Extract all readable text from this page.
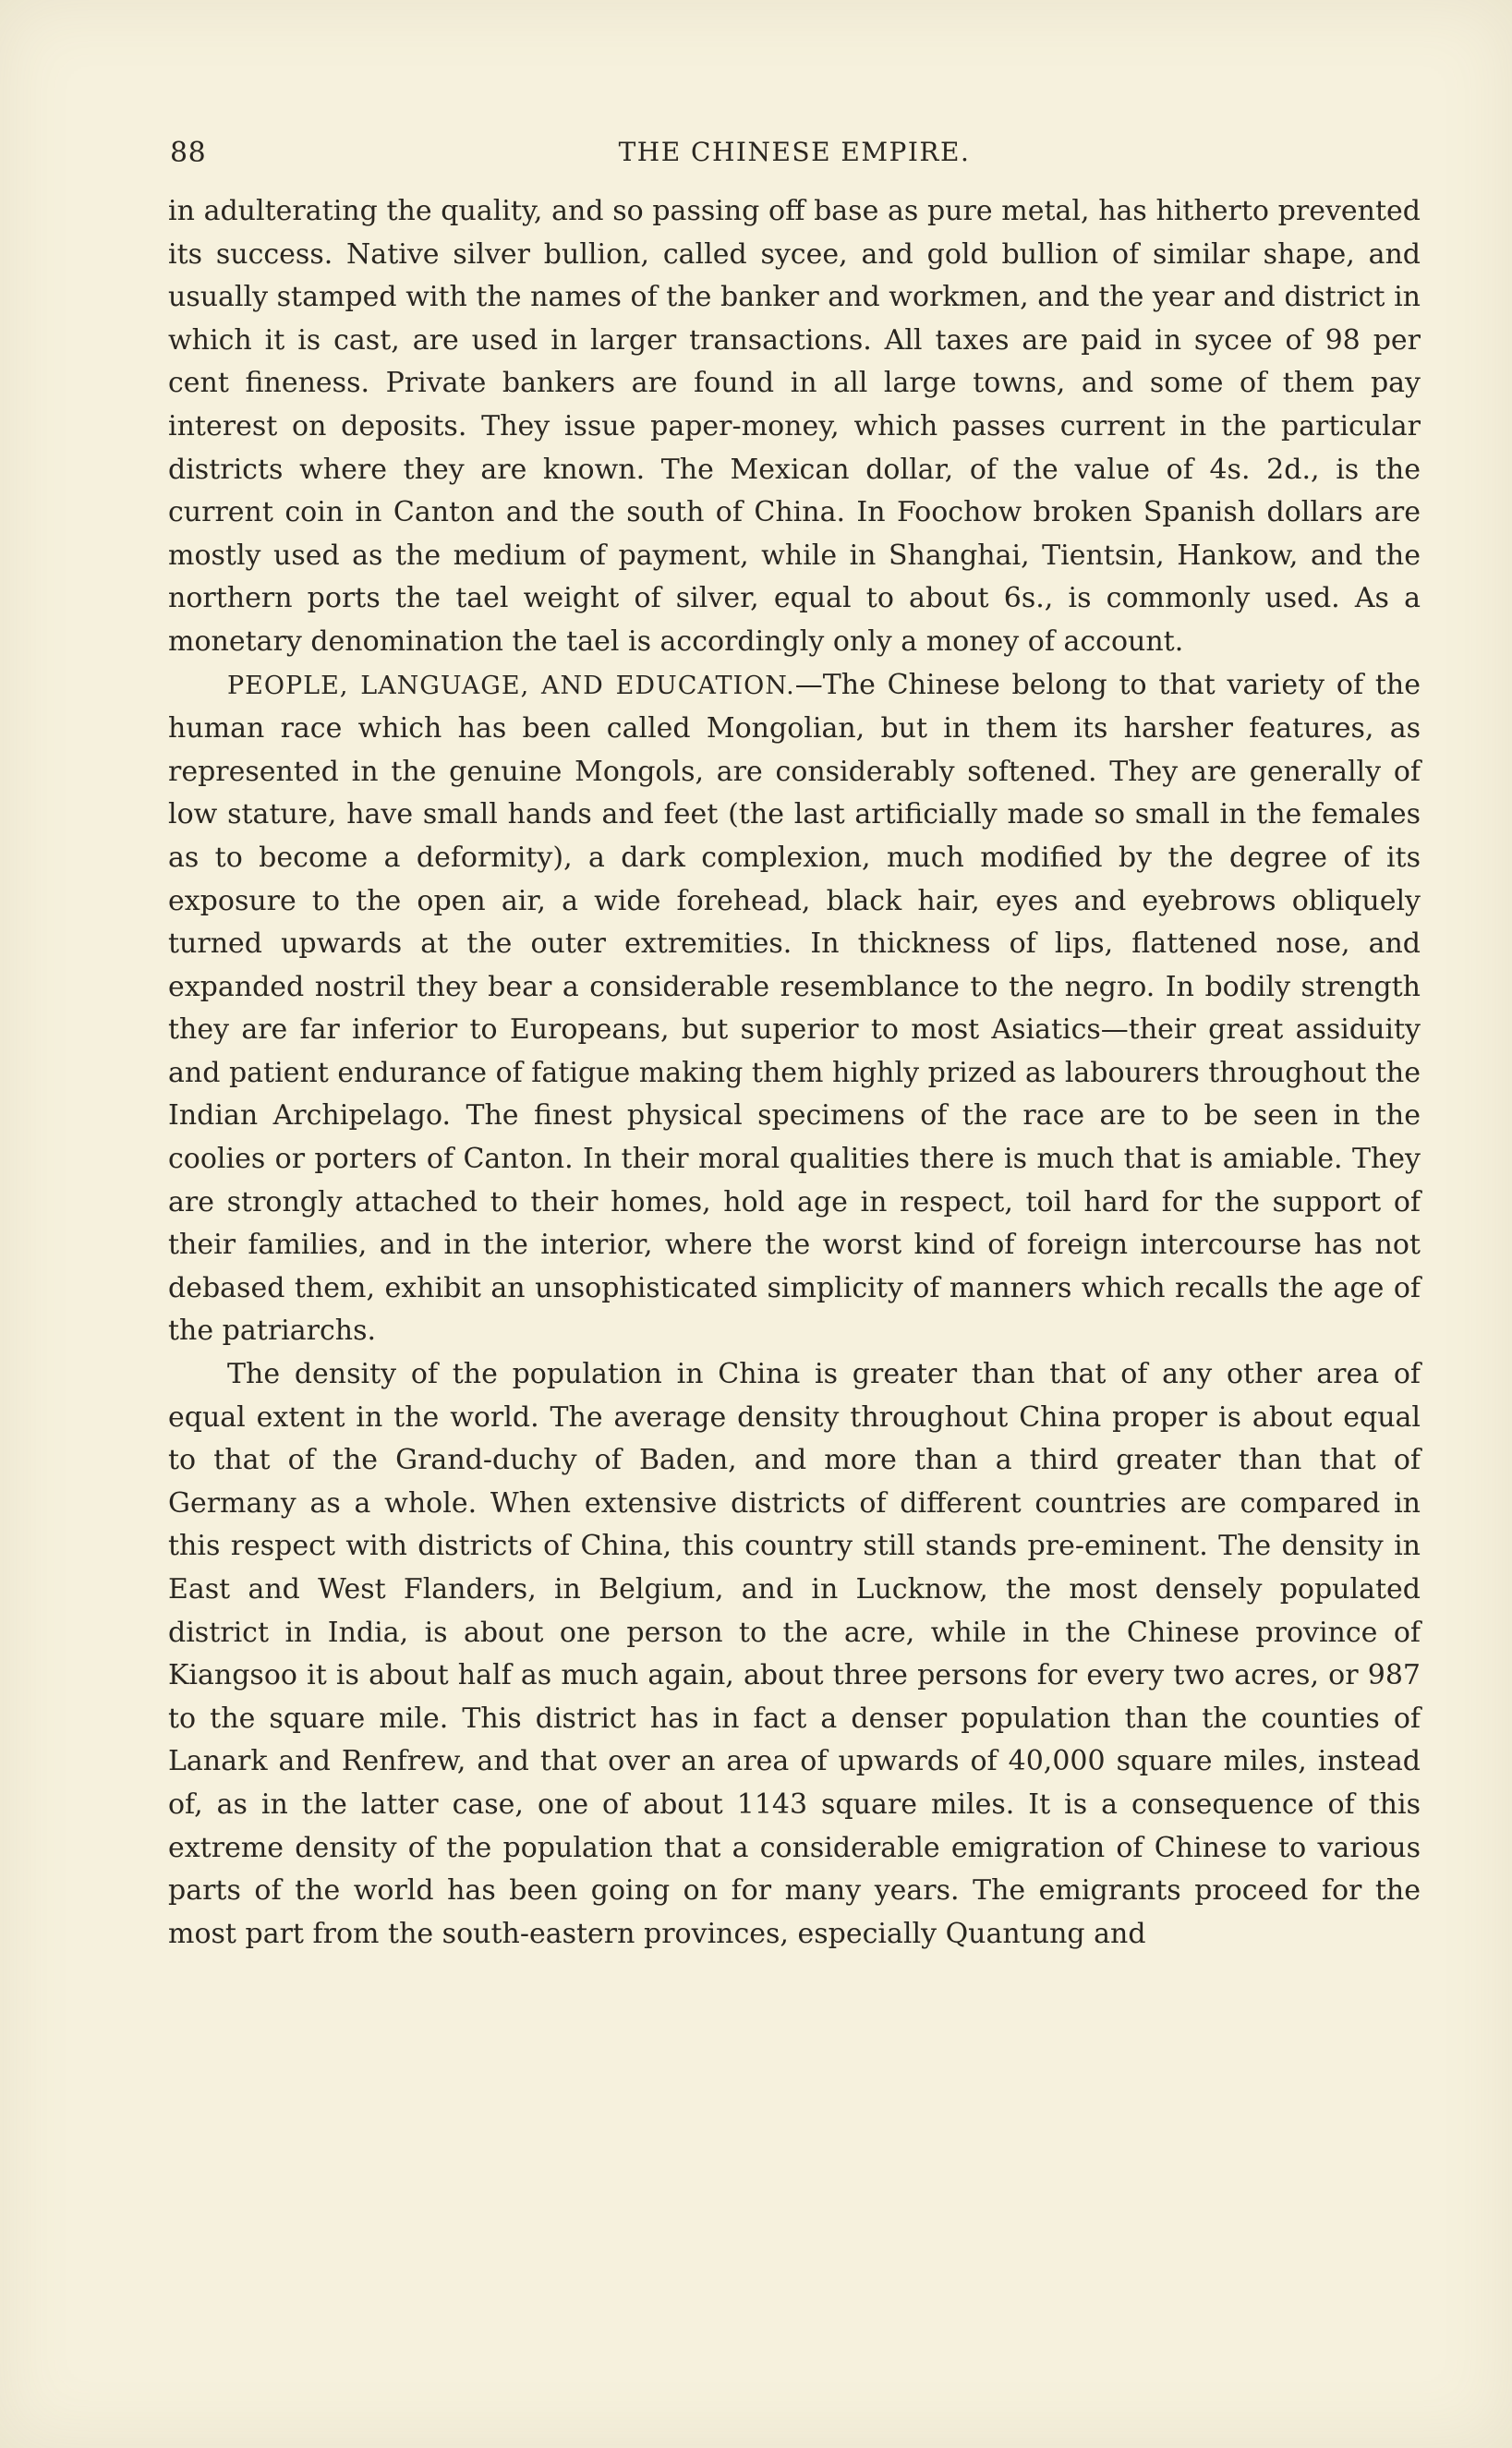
88	THE CHINESE EMPIRE.

in adulterating the quality, and so passing off base as pure metal, has hitherto prevented its success. Native silver bullion, called sycee, and gold bullion of similar shape, and usually stamped with the names of the banker and workmen, and the year and district in which it is cast, are used in larger transactions. All taxes are paid in sycee of 98 per cent fineness. Private bankers are found in all large towns, and some of them pay interest on deposits. They issue paper-money, which passes current in the particular districts where they are known. The Mexican dollar, of the value of 4s. 2d., is the current coin in Canton and the south of China. In Foochow broken Spanish dollars are mostly used as the medium of payment, while in Shanghai, Tientsin, Hankow, and the northern ports the tael weight of silver, equal to about 6s., is commonly used. As a monetary denomination the tael is accordingly only a money of account.

PEOPLE, LANGUAGE, AND EDUCATION.—The Chinese belong to that variety of the human race which has been called Mongolian, but in them its harsher features, as represented in the genuine Mongols, are considerably softened. They are generally of low stature, have small hands and feet (the last artificially made so small in the females as to become a deformity), a dark complexion, much modified by the degree of its exposure to the open air, a wide forehead, black hair, eyes and eyebrows obliquely turned upwards at the outer extremities. In thickness of lips, flattened nose, and expanded nostril they bear a considerable resemblance to the negro. In bodily strength they are far inferior to Europeans, but superior to most Asiatics—their great assiduity and patient endurance of fatigue making them highly prized as labourers throughout the Indian Archipelago. The finest physical specimens of the race are to be seen in the coolies or porters of Canton. In their moral qualities there is much that is amiable. They are strongly attached to their homes, hold age in respect, toil hard for the support of their families, and in the interior, where the worst kind of foreign intercourse has not debased them, exhibit an unsophisticated simplicity of manners which recalls the age of the patriarchs.

The density of the population in China is greater than that of any other area of equal extent in the world. The average density throughout China proper is about equal to that of the Grand-duchy of Baden, and more than a third greater than that of Germany as a whole. When extensive districts of different countries are compared in this respect with districts of China, this country still stands pre-eminent. The density in East and West Flanders, in Belgium, and in Lucknow, the most densely populated district in India, is about one person to the acre, while in the Chinese province of Kiangsoo it is about half as much again, about three persons for every two acres, or 987 to the square mile. This district has in fact a denser population than the counties of Lanark and Renfrew, and that over an area of upwards of 40,000 square miles, instead of, as in the latter case, one of about 1143 square miles. It is a consequence of this extreme density of the population that a considerable emigration of Chinese to various parts of the world has been going on for many years. The emigrants proceed for the most part from the south-eastern provinces, especially Quantung and
